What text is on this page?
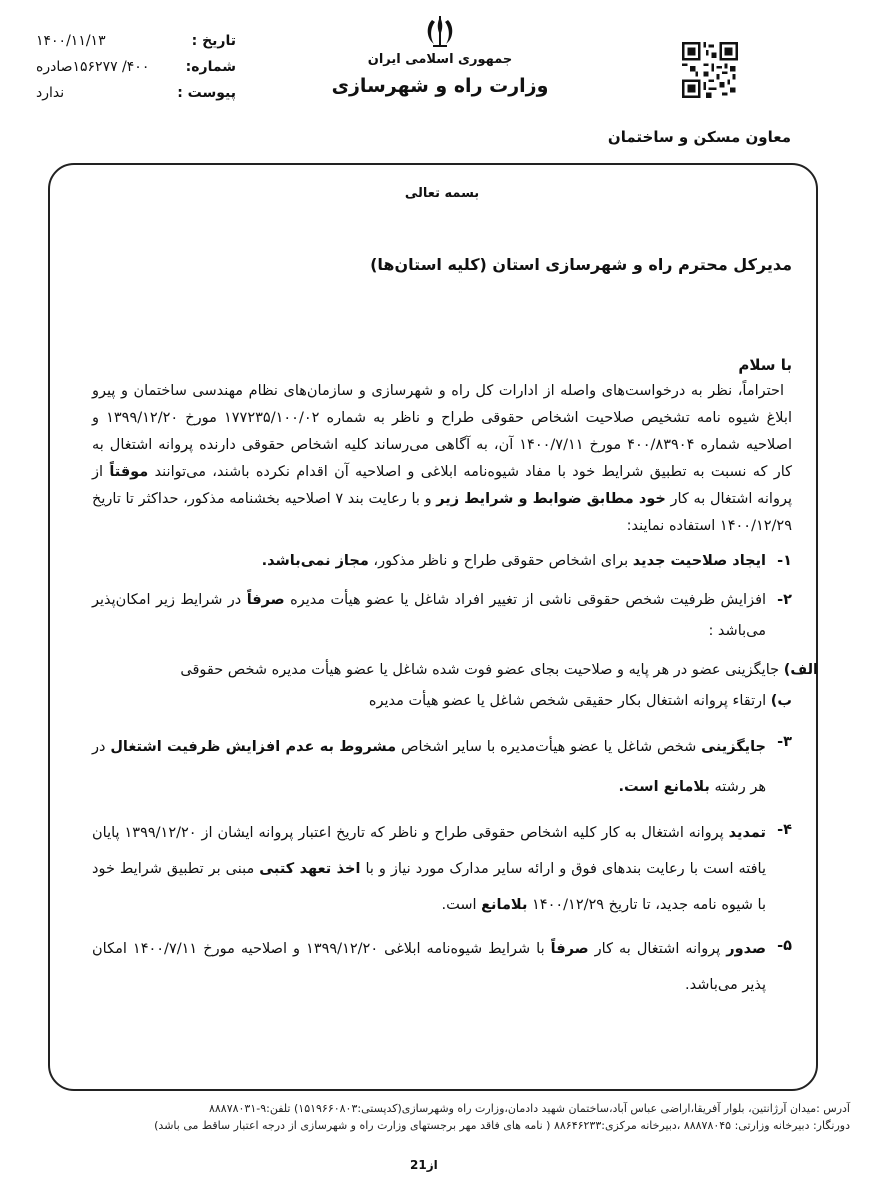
تاریخ :
۱۴۰۰/۱۱/۱۳
شماره:
۴۰۰/ ۱۵۶۲۷۷صادره
پیوست :
ندارد
جمهوری اسلامی ایران
وزارت راه و شهرسازی
معاون مسکن و ساختمان

بسمه تعالی

مدیرکل محترم راه و شهرسازی استان (کلیه استان‌ها)

با سلام

احتراماً، نظر به درخواست‌های واصله از ادارات کل راه و شهرسازی و سازمان‌های نظام مهندسی ساختمان و پیرو ابلاغ شیوه نامه تشخیص صلاحیت اشخاص حقوقی طراح و ناظر به شماره ۱۷۷۲۳۵/۱۰۰/۰۲ مورخ ۱۳۹۹/۱۲/۲۰ و اصلاحیه شماره ۴۰۰/۸۳۹۰۴ مورخ ۱۴۰۰/۷/۱۱ آن، به آگاهی می‌رساند کلیه اشخاص حقوقی دارنده پروانه اشتغال به کار که نسبت به تطبیق شرایط خود با مفاد شیوه‌نامه ابلاغی و اصلاحیه آن اقدام نکرده باشند، می‌توانند موقتاً از پروانه اشتغال به کار خود مطابق ضوابط و شرایط زیر و با رعایت بند ۷ اصلاحیه بخشنامه مذکور، حداکثر تا تاریخ ۱۴۰۰/۱۲/۲۹ استفاده نمایند:

۱-
ایجاد صلاحیت جدید برای اشخاص حقوقی طراح و ناظر مذکور، مجاز نمی‌باشد.
۲-
افزایش ظرفیت شخص حقوقی ناشی از تغییر افراد شاغل یا عضو هیأت مدیره صرفاً در شرایط زیر امکان‌پذیر می‌باشد :

الف) جایگزینی عضو در هر پایه و صلاحیت بجای عضو فوت شده شاغل یا عضو هیأت مدیره شخص حقوقی

ب) ارتقاء پروانه اشتغال بکار حقیقی شخص شاغل یا عضو هیأت مدیره

۳-
جایگزینی شخص شاغل یا عضو هیأت‌مدیره با سایر اشخاص مشروط به عدم افزایش ظرفیت اشتغال در هر رشته بلامانع است.
۴-
تمدید پروانه اشتغال به کار کلیه اشخاص حقوقی طراح و ناظر که تاریخ اعتبار پروانه ایشان از ۱۳۹۹/۱۲/۲۰ پایان یافته است با رعایت بندهای فوق و ارائه سایر مدارک مورد نیاز و با اخذ تعهد کتبی مبنی بر تطبیق شرایط خود با شیوه نامه جدید، تا تاریخ ۱۴۰۰/۱۲/۲۹ بلامانع است.
۵-
صدور پروانه اشتغال به کار صرفاً با شرایط شیوه‌نامه ابلاغی ۱۳۹۹/۱۲/۲۰ و اصلاحیه مورخ ۱۴۰۰/۷/۱۱ امکان پذیر می‌باشد.
آدرس :میدان آرژانتین، بلوار آفریقا،اراضی عباس آباد،ساختمان شهید دادمان،وزارت راه وشهرسازی(کدپستی:۱۵۱۹۶۶۰۸۰۳) تلفن:۹-۸۸۸۷۸۰۳۱
دورنگار: دبیرخانه وزارتی: ۸۸۸۷۸۰۴۵ ،دبیرخانه مرکزی:۸۸۶۴۶۲۳۳ ( نامه های فاقد مهر برجستهای وزارت راه و شهرسازی از درجه اعتبار ساقط می باشد)
2از1
